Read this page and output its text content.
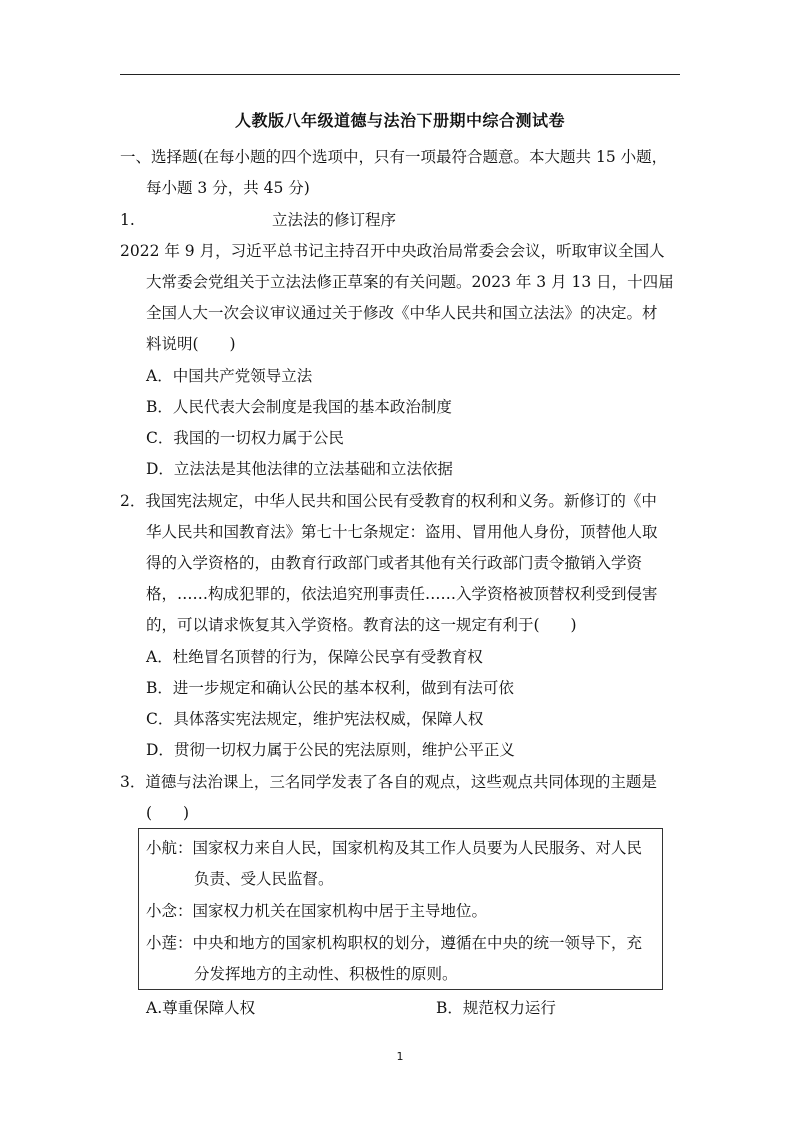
人教版八年级道德与法治下册期中综合测试卷
一、选择题(在每小题的四个选项中，只有一项最符合题意。本大题共 15 小题，
每小题 3 分，共 45 分)
1.	立法法的修订程序
2022 年 9 月，习近平总书记主持召开中央政治局常委会会议，听取审议全国人
大常委会党组关于立法法修正草案的有关问题。2023 年 3 月 13 日，十四届
全国人大一次会议审议通过关于修改《中华人民共和国立法法》的决定。材
料说明(　　)
A．中国共产党领导立法
B．人民代表大会制度是我国的基本政治制度
C．我国的一切权力属于公民
D．立法法是其他法律的立法基础和立法依据
2．我国宪法规定，中华人民共和国公民有受教育的权利和义务。新修订的《中
华人民共和国教育法》第七十七条规定：盗用、冒用他人身份，顶替他人取
得的入学资格的，由教育行政部门或者其他有关行政部门责令撤销入学资
格，……构成犯罪的，依法追究刑事责任……入学资格被顶替权利受到侵害
的，可以请求恢复其入学资格。教育法的这一规定有利于(　　)
A．杜绝冒名顶替的行为，保障公民享有受教育权
B．进一步规定和确认公民的基本权利，做到有法可依
C．具体落实宪法规定，维护宪法权威，保障人权
D．贯彻一切权力属于公民的宪法原则，维护公平正义
3．道德与法治课上，三名同学发表了各自的观点，这些观点共同体现的主题是
(　　)
小航：国家权力来自人民，国家机构及其工作人员要为人民服务、对人民
负责、受人民监督。
小念：国家权力机关在国家机构中居于主导地位。
小莲：中央和地方的国家机构职权的划分，遵循在中央的统一领导下，充
分发挥地方的主动性、积极性的原则。
A.尊重保障人权	B．规范权力运行
1
